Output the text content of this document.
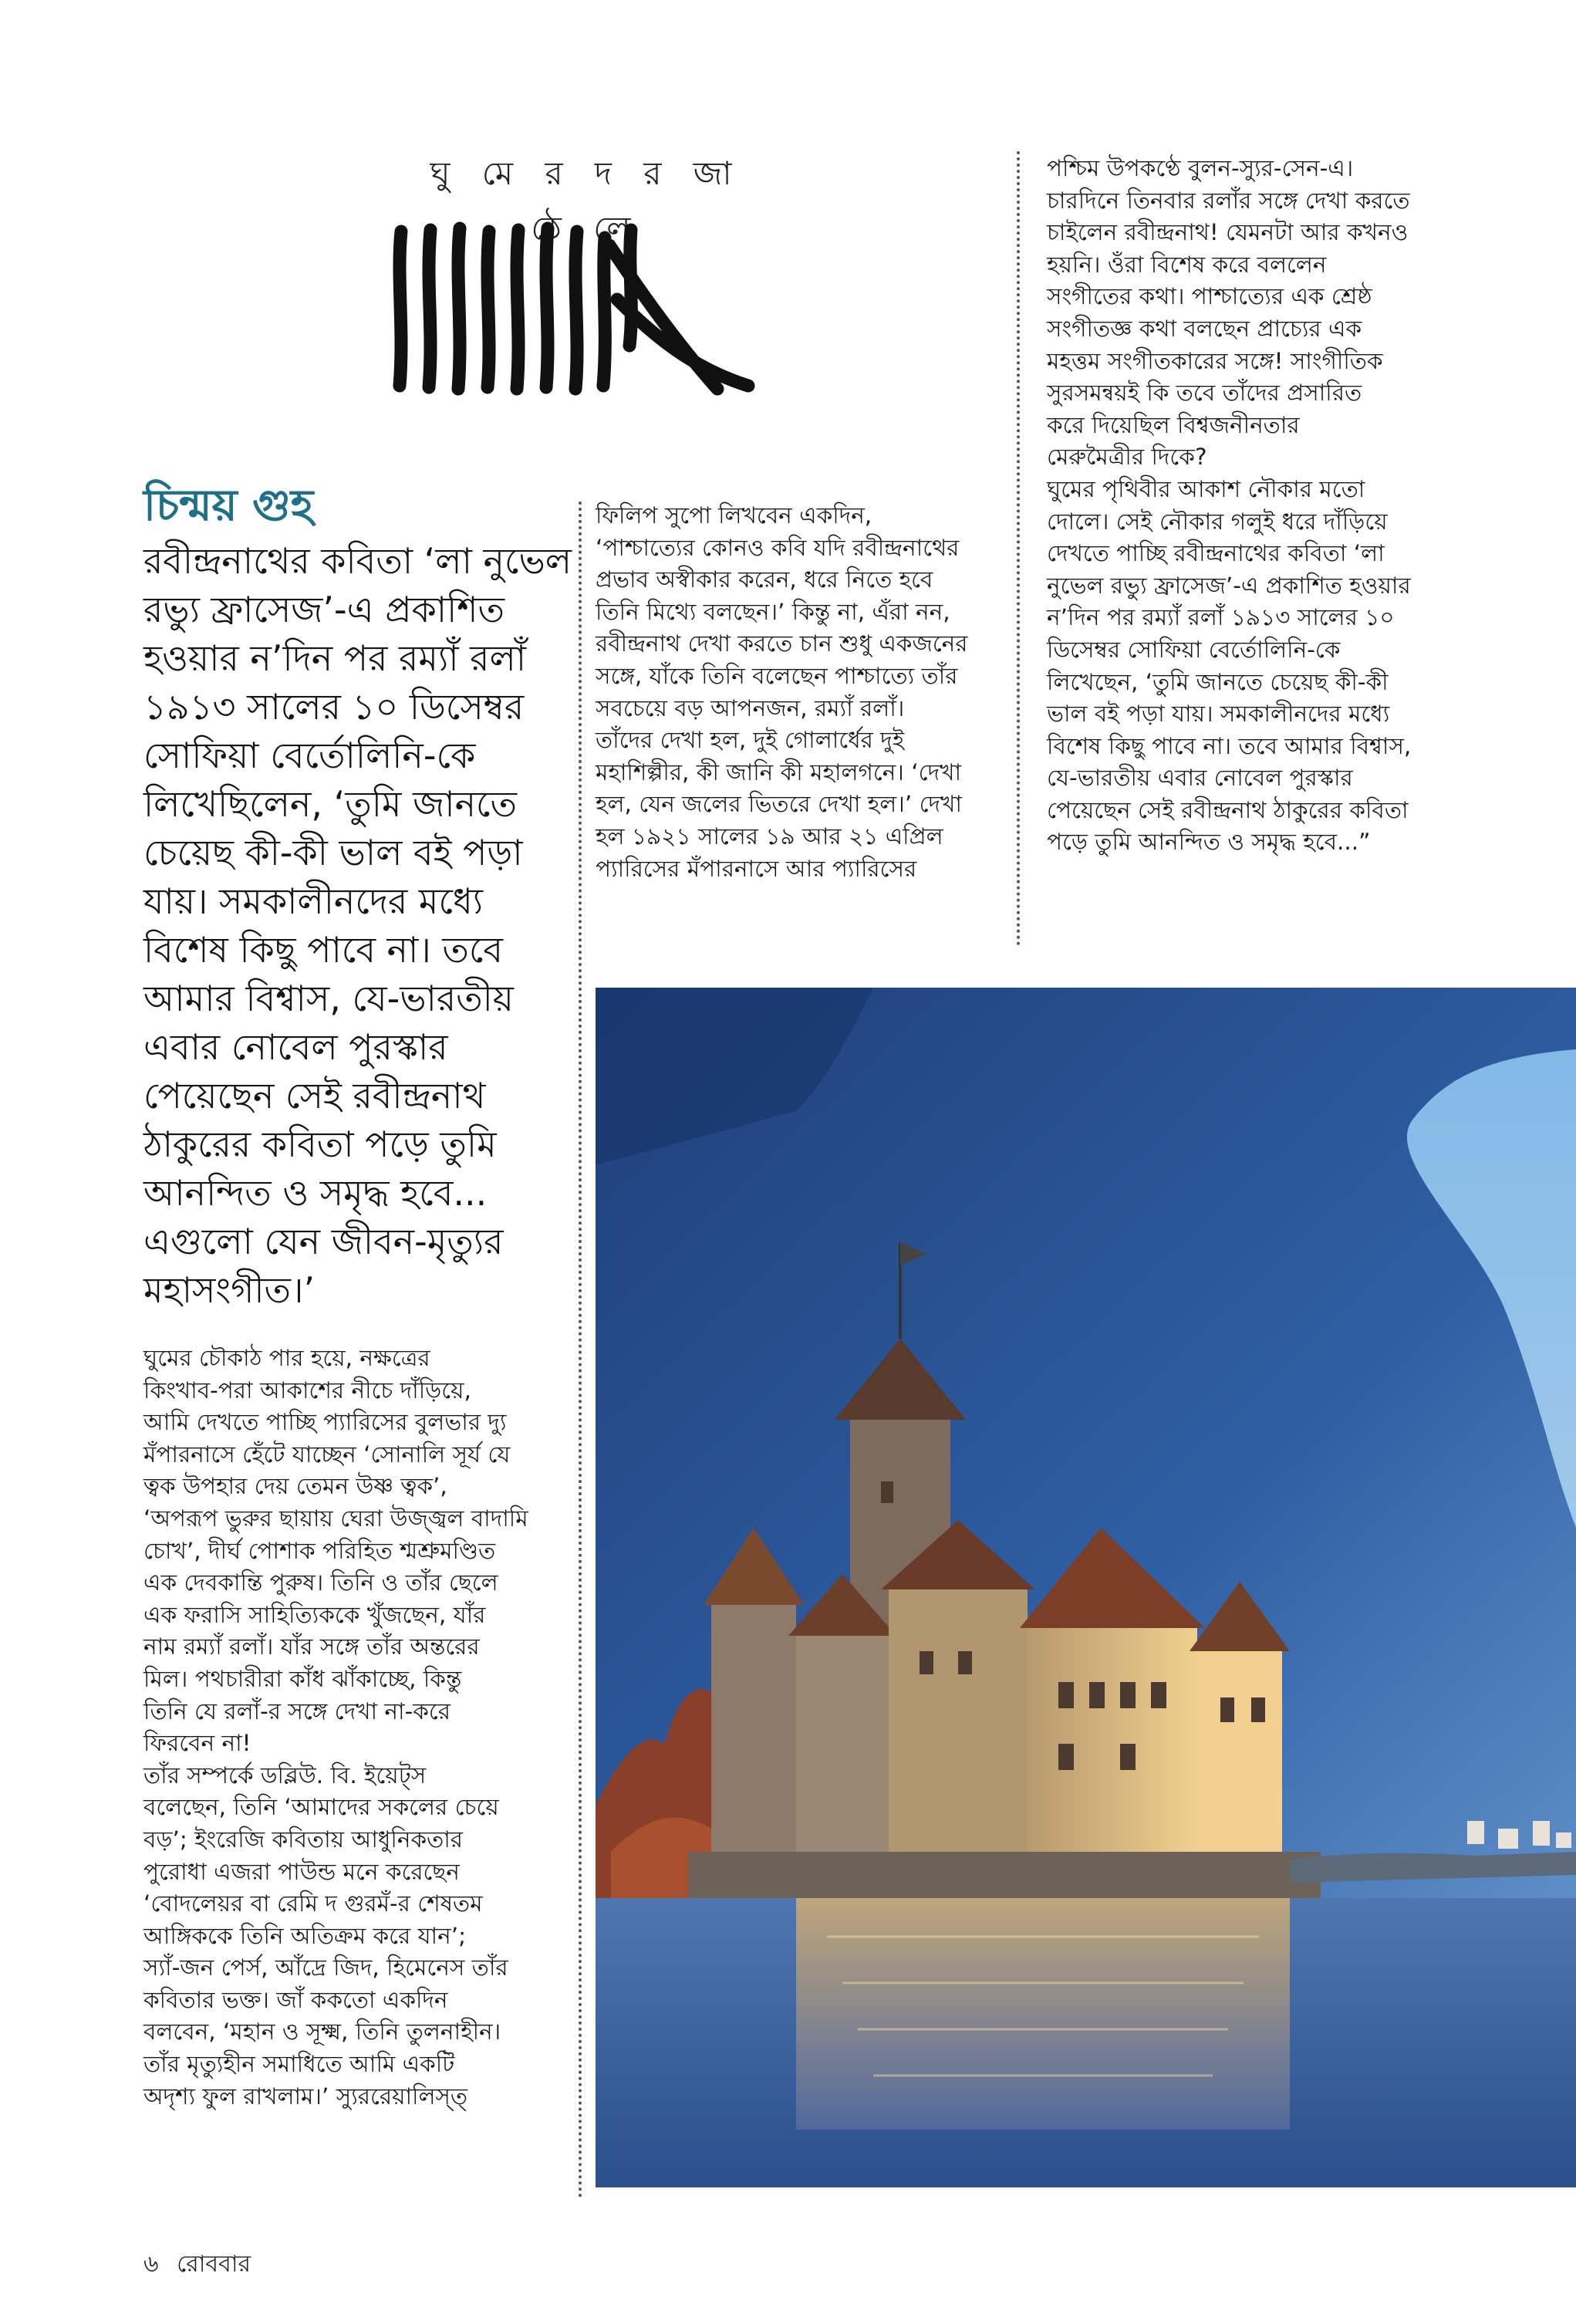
ঘু মে র দ র জা ঠে লে
চিন্ময় গুহ
রবীন্দ্রনাথের কবিতা ‘লা নুভেল
রভ্যু ফ্রাসেজ’-এ প্রকাশিত
হওয়ার ন’দিন পর রম্যাঁ রলাঁ
১৯১৩ সালের ১০ ডিসেম্বর
সোফিয়া বের্তোলিনি-কে
লিখেছিলেন, ‘তুমি জানতে
চেয়েছ কী-কী ভাল বই পড়া
যায়। সমকালীনদের মধ্যে
বিশেষ কিছু পাবে না। তবে
আমার বিশ্বাস, যে-ভারতীয়
এবার নোবেল পুরস্কার
পেয়েছেন সেই রবীন্দ্রনাথ
ঠাকুরের কবিতা পড়ে তুমি
আনন্দিত ও সমৃদ্ধ হবে...
এগুলো যেন জীবন-মৃত্যুর
মহাসংগীত।’
ঘুমের চৌকাঠ পার হয়ে, নক্ষত্রের
কিংখাব-পরা আকাশের নীচে দাঁড়িয়ে,
আমি দেখতে পাচ্ছি প্যারিসের বুলভার দ্যু
মঁপারনাসে হেঁটে যাচ্ছেন ‘সোনালি সূর্য যে
ত্বক উপহার দেয় তেমন উষ্ণ ত্বক’,
‘অপরূপ ভুরুর ছায়ায় ঘেরা উজ্জ্বল বাদামি
চোখ’, দীর্ঘ পোশাক পরিহিত শ্মশ্রুমণ্ডিত
এক দেবকান্তি পুরুষ। তিনি ও তাঁর ছেলে
এক ফরাসি সাহিত্যিককে খুঁজছেন, যাঁর
নাম রম্যাঁ রলাঁ। যাঁর সঙ্গে তাঁর অন্তরের
মিল। পথচারীরা কাঁধ ঝাঁকাচ্ছে, কিন্তু
তিনি যে রলাঁ-র সঙ্গে দেখা না-করে
ফিরবেন না!
তাঁর সম্পর্কে ডব্লিউ. বি. ইয়েট্‌স
বলেছেন, তিনি ‘আমাদের সকলের চেয়ে
বড়’; ইংরেজি কবিতায় আধুনিকতার
পুরোধা এজরা পাউন্ড মনে করেছেন
‘বোদলেয়র বা রেমি দ গুরমঁ-র শেষতম
আঙ্গিককে তিনি অতিক্রম করে যান’;
স্যাঁ-জন পের্স, আঁদ্রে জিদ, হিমেনেস তাঁর
কবিতার ভক্ত। জাঁ ককতো একদিন
বলবেন, ‘মহান ও সূক্ষ্ম, তিনি তুলনাহীন।
তাঁর মৃত্যুহীন সমাধিতে আমি একটি
অদৃশ্য ফুল রাখলাম।’ স্যুররেয়ালিস্ত্‌
ফিলিপ সুপো লিখবেন একদিন,
‘পাশ্চাত্যের কোনও কবি যদি রবীন্দ্রনাথের
প্রভাব অস্বীকার করেন, ধরে নিতে হবে
তিনি মিথ্যে বলছেন।’ কিন্তু না, এঁরা নন,
রবীন্দ্রনাথ দেখা করতে চান শুধু একজনের
সঙ্গে, যাঁকে তিনি বলেছেন পাশ্চাত্যে তাঁর
সবচেয়ে বড় আপনজন, রম্যাঁ রলাঁ।
তাঁদের দেখা হল, দুই গোলার্ধের দুই
মহাশিল্পীর, কী জানি কী মহালগনে। ‘দেখা
হল, যেন জলের ভিতরে দেখা হল।’ দেখা
হল ১৯২১ সালের ১৯ আর ২১ এপ্রিল
প্যারিসের মঁপারনাসে আর প্যারিসের
পশ্চিম উপকণ্ঠে বুলন-স্যুর-সেন-এ।
চারদিনে তিনবার রলাঁর সঙ্গে দেখা করতে
চাইলেন রবীন্দ্রনাথ! যেমনটা আর কখনও
হয়নি। ওঁরা বিশেষ করে বললেন
সংগীতের কথা। পাশ্চাত্যের এক শ্রেষ্ঠ
সংগীতজ্ঞ কথা বলছেন প্রাচ্যের এক
মহত্তম সংগীতকারের সঙ্গে! সাংগীতিক
সুরসমন্বয়ই কি তবে তাঁদের প্রসারিত
করে দিয়েছিল বিশ্বজনীনতার
মেরুমৈত্রীর দিকে?
ঘুমের পৃথিবীর আকাশ নৌকার মতো
দোলে। সেই নৌকার গলুই ধরে দাঁড়িয়ে
দেখতে পাচ্ছি রবীন্দ্রনাথের কবিতা ‘লা
নুভেল রভ্যু ফ্রাসেজ’-এ প্রকাশিত হওয়ার
ন’দিন পর রম্যাঁ রলাঁ ১৯১৩ সালের ১০
ডিসেম্বর সোফিয়া বের্তোলিনি-কে
লিখেছেন, ‘তুমি জানতে চেয়েছ কী-কী
ভাল বই পড়া যায়। সমকালীনদের মধ্যে
বিশেষ কিছু পাবে না। তবে আমার বিশ্বাস,
যে-ভারতীয় এবার নোবেল পুরস্কার
পেয়েছেন সেই রবীন্দ্রনাথ ঠাকুরের কবিতা
পড়ে তুমি আনন্দিত ও সমৃদ্ধ হবে...”
৬ রোববার
